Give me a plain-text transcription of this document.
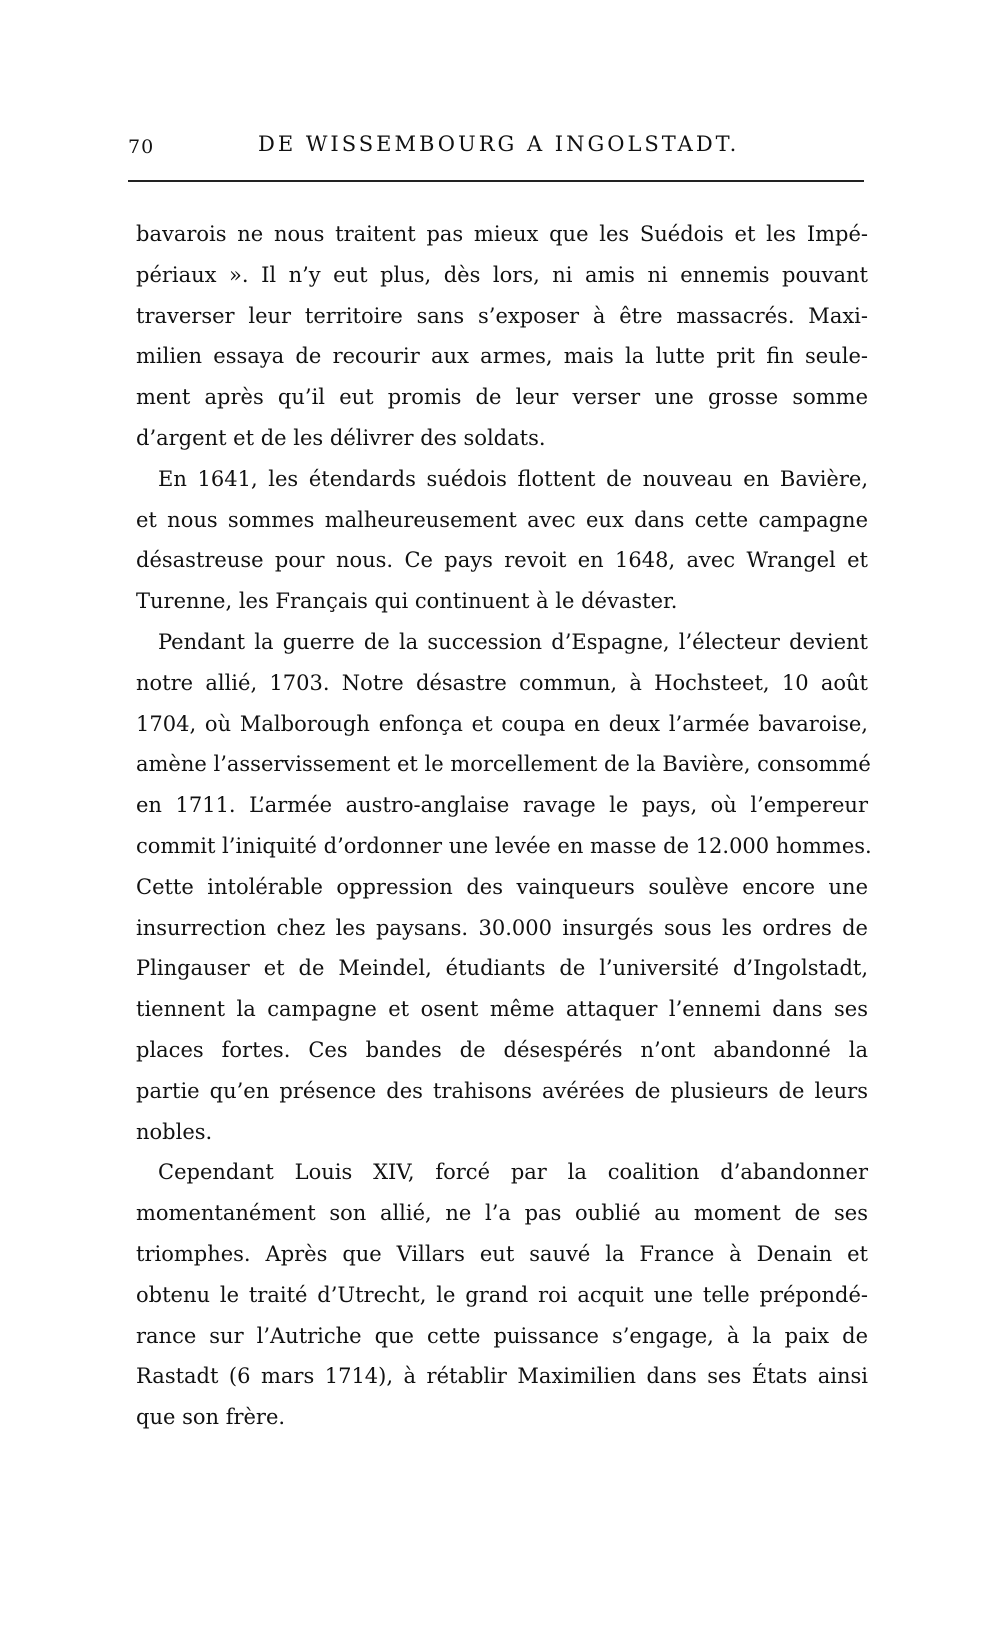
70	DE WISSEMBOURG A INGOLSTADT.
bavarois ne nous traitent pas mieux que les Suédois et les Impé-
périaux ». Il n’y eut plus, dès lors, ni amis ni ennemis pouvant
traverser leur territoire sans s’exposer à être massacrés. Maxi-
milien essaya de recourir aux armes, mais la lutte prit fin seule-
ment après qu’il eut promis de leur verser une grosse somme
d’argent et de les délivrer des soldats.
En 1641, les étendards suédois flottent de nouveau en Bavière,
et nous sommes malheureusement avec eux dans cette campagne
désastreuse pour nous. Ce pays revoit en 1648, avec Wrangel et
Turenne, les Français qui continuent à le dévaster.
Pendant la guerre de la succession d’Espagne, l’électeur devient
notre allié, 1703. Notre désastre commun, à Hochsteet, 10 août
1704, où Malborough enfonça et coupa en deux l’armée bavaroise,
amène l’asservissement et le morcellement de la Bavière, consommé
en 1711. L’armée austro-anglaise ravage le pays, où l’empereur
commit l’iniquité d’ordonner une levée en masse de 12.000 hommes.
Cette intolérable oppression des vainqueurs soulève encore une
insurrection chez les paysans. 30.000 insurgés sous les ordres de
Plingauser et de Meindel, étudiants de l’université d’Ingolstadt,
tiennent la campagne et osent même attaquer l’ennemi dans ses
places fortes. Ces bandes de désespérés n’ont abandonné la
partie qu’en présence des trahisons avérées de plusieurs de leurs
nobles.
Cependant Louis XIV, forcé par la coalition d’abandonner
momentanément son allié, ne l’a pas oublié au moment de ses
triomphes. Après que Villars eut sauvé la France à Denain et
obtenu le traité d’Utrecht, le grand roi acquit une telle prépondé-
rance sur l’Autriche que cette puissance s’engage, à la paix de
Rastadt (6 mars 1714), à rétablir Maximilien dans ses États ainsi
que son frère.
